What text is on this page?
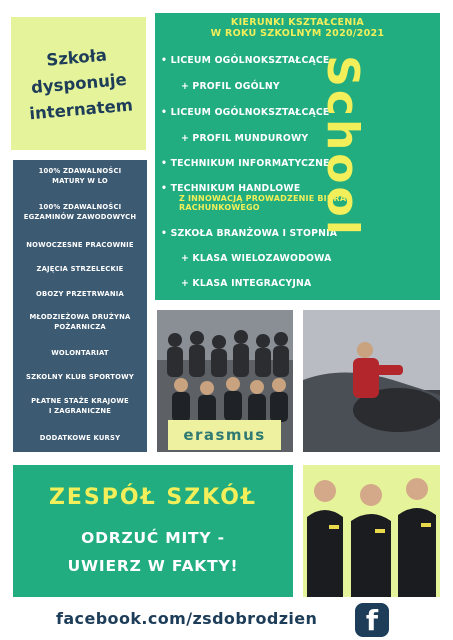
Szkoła
dysponuje
internatem
KIERUNKI KSZTAŁCENIA
W ROKU SZKOLNYM 2020/2021
• LICEUM OGÓLNOKSZTAŁCĄCE
+ PROFIL OGÓLNY
• LICEUM OGÓLNOKSZTAŁCĄCE
+ PROFIL MUNDUROWY
• TECHNIKUM INFORMATYCZNE
• TECHNIKUM HANDLOWE
Z INNOWACJĄ PROWADZENIE BIURA
RACHUNKOWEGO
• SZKOŁA BRANŻOWA I STOPNIA
+ KLASA WIELOZAWODOWA
+ KLASA INTEGRACYJNA
School
100% ZDAWALNOŚCI
MATURY W LO
100% ZDAWALNOŚCI
EGZAMINÓW ZAWODOWYCH
NOWOCZESNE PRACOWNIE
ZAJĘCIA STRZELECKIE
OBOZY PRZETRWANIA
MŁODZIEŻOWA DRUŻYNA
POŻARNICZA
WOLONTARIAT
SZKOLNY KLUB SPORTOWY
PŁATNE STAŻE KRAJOWE
I ZAGRANICZNE
DODATKOWE KURSY	erasmus
ZESPÓŁ SZKÓŁ
ODRZUĆ MITY -
UWIERZ W FAKTY!
facebook.com/zsdobrodzien	f
